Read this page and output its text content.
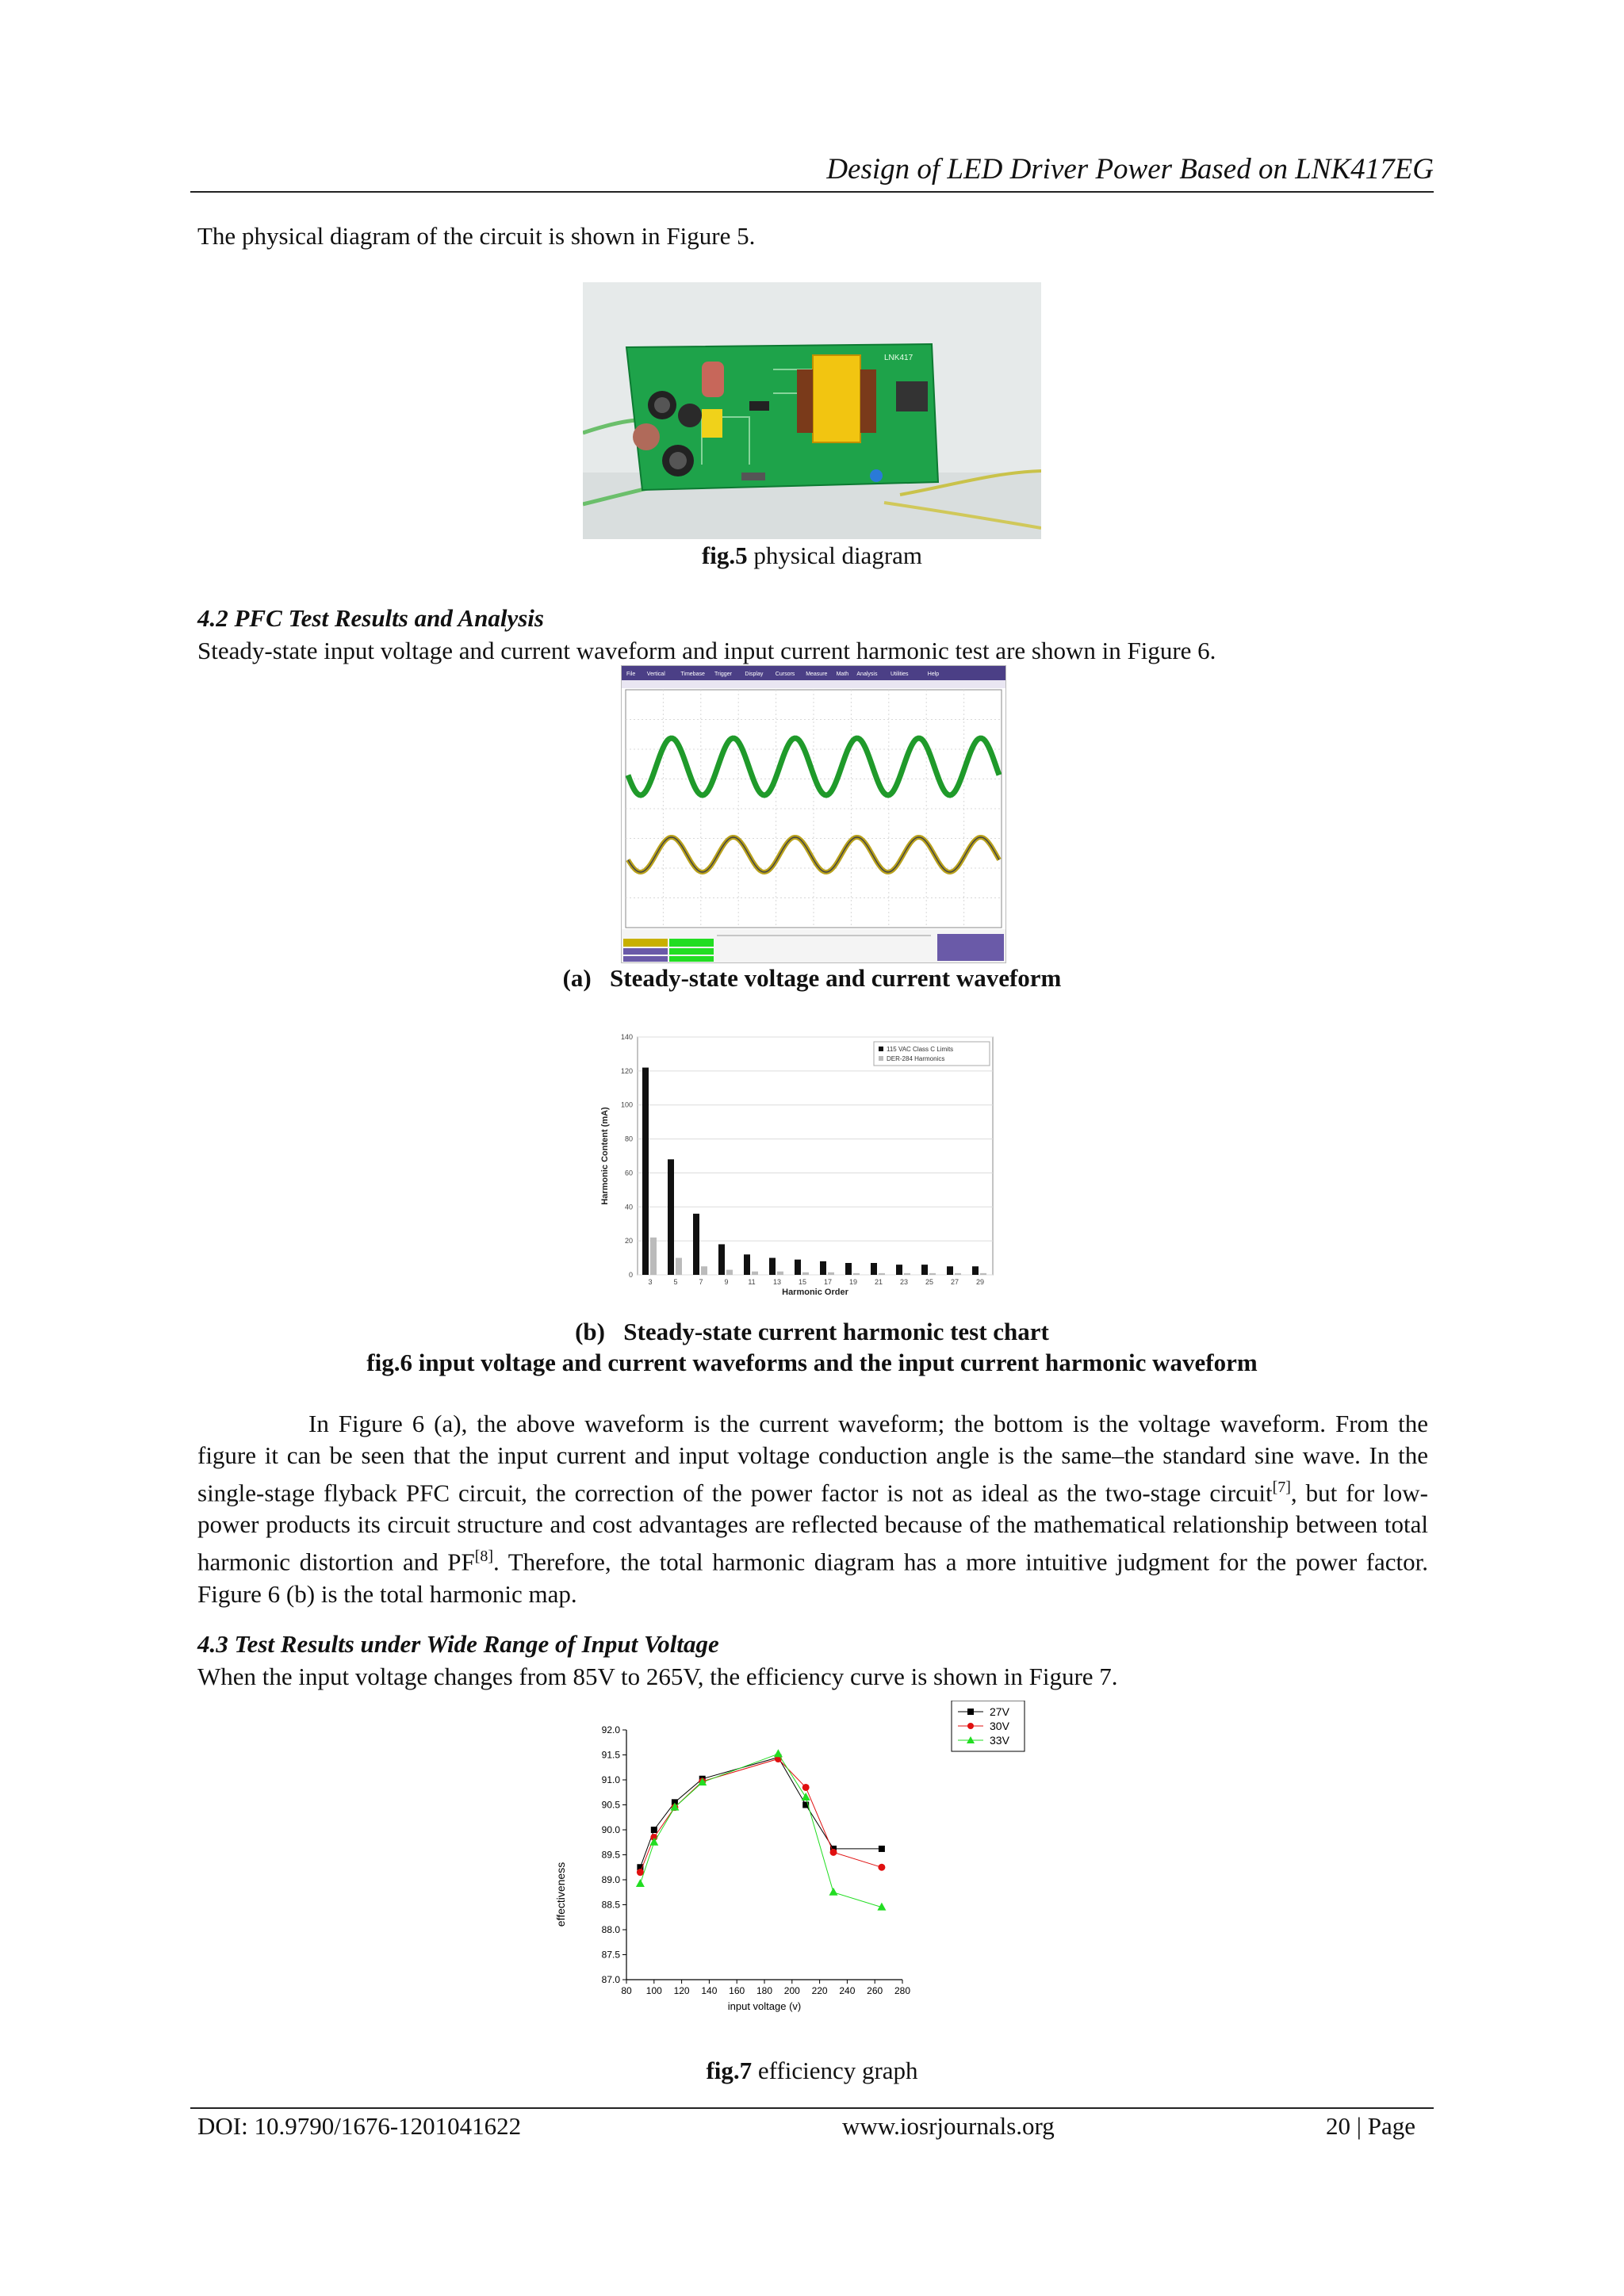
Design of LED Driver Power Based on LNK417EG
The physical diagram of the circuit is shown in Figure 5.
LNK417
fig.5 physical diagram
4.2 PFC Test Results and Analysis
Steady-state input voltage and current waveform and input current harmonic test are shown in Figure 6.
File Vertical	Timebase Trigger Display Cursors Measure Math Analysis Utilities	Help
(a) Steady-state voltage and current waveform
0
20
40
60
80
100
120
140
3	5	7	9	11 13 15 17 19 21 23 25 27 29
Harmonic Order
Harmonic Content (mA)
115 VAC Class C Limits
DER-284 Harmonics
(b) Steady-state current harmonic test chart
fig.6 input voltage and current waveforms and the input current harmonic waveform
In Figure 6 (a), the above waveform is the current waveform; the bottom is the voltage waveform. From the figure it can be seen that the input current and input voltage conduction angle is the same–the standard sine wave. In the single-stage flyback PFC circuit, the correction of the power factor is not as ideal as the two-stage circuit[7], but for low-power products its circuit structure and cost advantages are reflected because of the mathematical relationship between total harmonic distortion and PF[8]. Therefore, the total harmonic diagram has a more intuitive judgment for the power factor. Figure 6 (b) is the total harmonic map.
4.3 Test Results under Wide Range of Input Voltage
When the input voltage changes from 85V to 265V, the efficiency curve is shown in Figure 7.
87.0
87.5
88.0
88.5
89.0
89.5
90.0
90.5
91.0
91.5
92.0
80 100 120 140 160 180 200 220 240 260 280
input voltage (v)
effectiveness
27V
30V
33V
fig.7 efficiency graph
DOI: 10.9790/1676-1201041622	www.iosrjournals.org	20 | Page
